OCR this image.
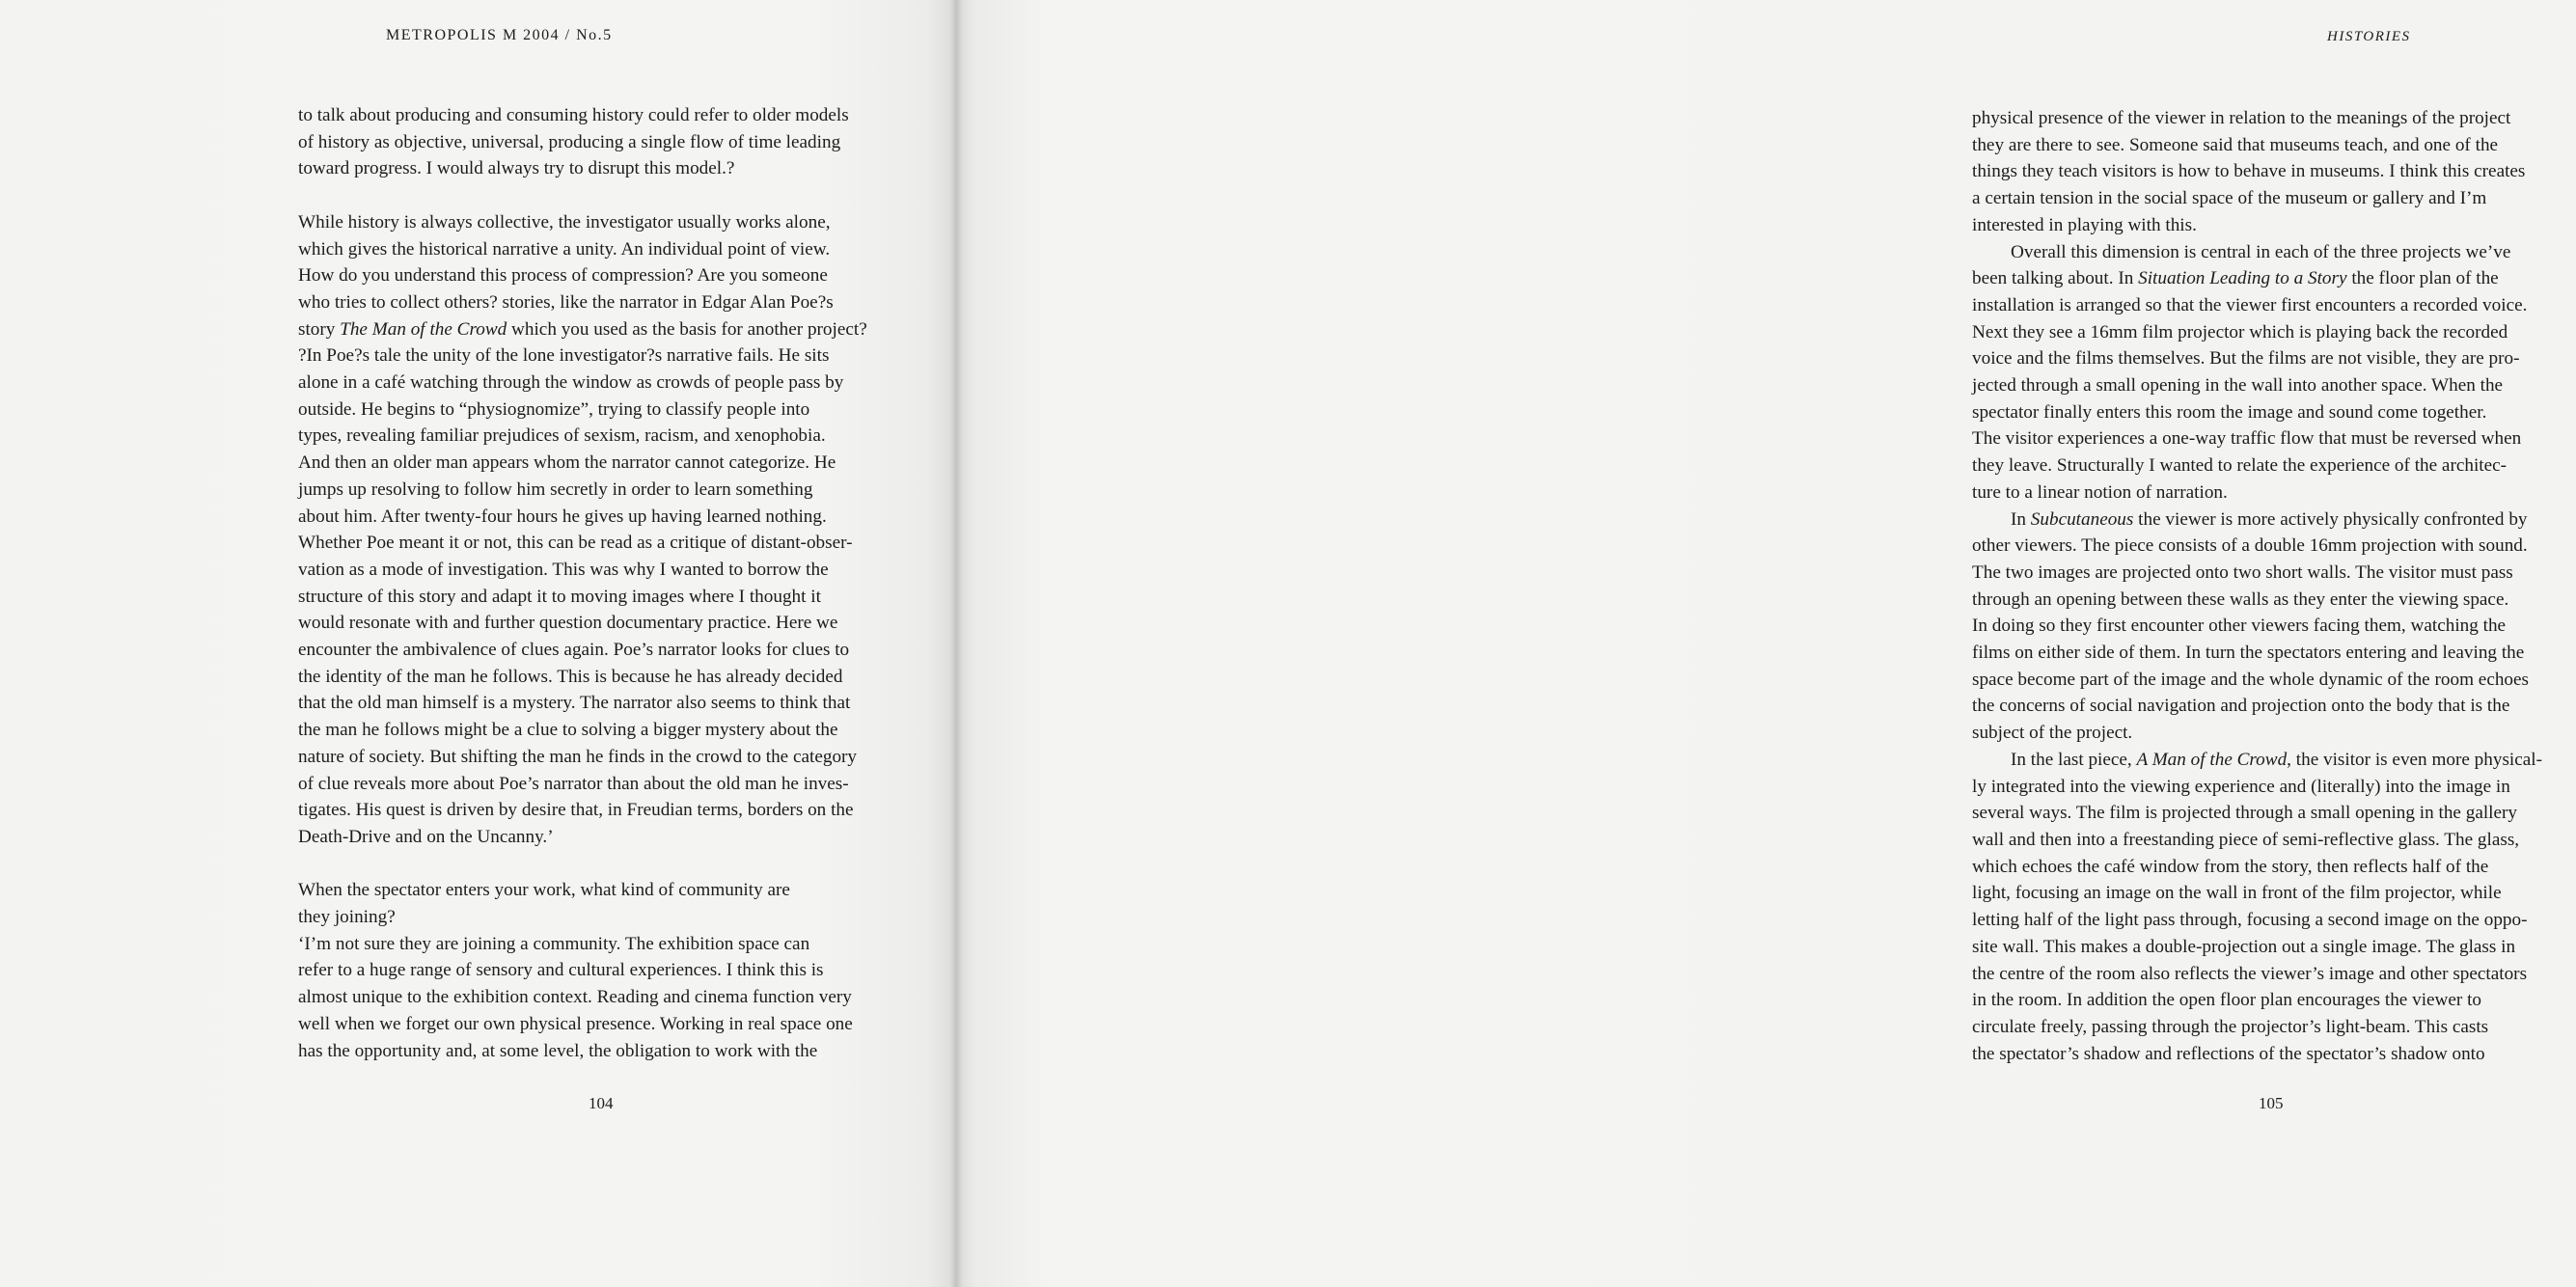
METROPOLIS M 2004 / No.5

to talk about producing and consuming history could refer to older models

of history as objective, universal, producing a single flow of time leading

toward progress. I would always try to disrupt this model.?

While history is always collective, the investigator usually works alone,

which gives the historical narrative a unity. An individual point of view.

How do you understand this process of compression? Are you someone

who tries to collect others? stories, like the narrator in Edgar Alan Poe?s

story The Man of the Crowd which you used as the basis for another project?

?In Poe?s tale the unity of the lone investigator?s narrative fails. He sits

alone in a café watching through the window as crowds of people pass by

outside. He begins to “physiognomize”, trying to classify people into

types, revealing familiar prejudices of sexism, racism, and xenophobia.

And then an older man appears whom the narrator cannot categorize. He

jumps up resolving to follow him secretly in order to learn something

about him. After twenty-four hours he gives up having learned nothing.

Whether Poe meant it or not, this can be read as a critique of distant-obser-

vation as a mode of investigation. This was why I wanted to borrow the

structure of this story and adapt it to moving images where I thought it

would resonate with and further question documentary practice. Here we

encounter the ambivalence of clues again. Poe’s narrator looks for clues to

the identity of the man he follows. This is because he has already decided

that the old man himself is a mystery. The narrator also seems to think that

the man he follows might be a clue to solving a bigger mystery about the

nature of society. But shifting the man he finds in the crowd to the category

of clue reveals more about Poe’s narrator than about the old man he inves-

tigates. His quest is driven by desire that, in Freudian terms, borders on the

Death-Drive and on the Uncanny.’

When the spectator enters your work, what kind of community are

they joining?

‘I’m not sure they are joining a community. The exhibition space can

refer to a huge range of sensory and cultural experiences. I think this is

almost unique to the exhibition context. Reading and cinema function very

well when we forget our own physical presence. Working in real space one

has the opportunity and, at some level, the obligation to work with the

104
HISTORIES

physical presence of the viewer in relation to the meanings of the project

they are there to see. Someone said that museums teach, and one of the

things they teach visitors is how to behave in museums. I think this creates

a certain tension in the social space of the museum or gallery and I’m

interested in playing with this.

Overall this dimension is central in each of the three projects we’ve

been talking about. In Situation Leading to a Story the floor plan of the

installation is arranged so that the viewer first encounters a recorded voice.

Next they see a 16mm film projector which is playing back the recorded

voice and the films themselves. But the films are not visible, they are pro-

jected through a small opening in the wall into another space. When the

spectator finally enters this room the image and sound come together.

The visitor experiences a one-way traffic flow that must be reversed when

they leave. Structurally I wanted to relate the experience of the architec-

ture to a linear notion of narration.

In Subcutaneous the viewer is more actively physically confronted by

other viewers. The piece consists of a double 16mm projection with sound.

The two images are projected onto two short walls. The visitor must pass

through an opening between these walls as they enter the viewing space.

In doing so they first encounter other viewers facing them, watching the

films on either side of them. In turn the spectators entering and leaving the

space become part of the image and the whole dynamic of the room echoes

the concerns of social navigation and projection onto the body that is the

subject of the project.

In the last piece, A Man of the Crowd, the visitor is even more physical-

ly integrated into the viewing experience and (literally) into the image in

several ways. The film is projected through a small opening in the gallery

wall and then into a freestanding piece of semi-reflective glass. The glass,

which echoes the café window from the story, then reflects half of the

light, focusing an image on the wall in front of the film projector, while

letting half of the light pass through, focusing a second image on the oppo-

site wall. This makes a double-projection out a single image. The glass in

the centre of the room also reflects the viewer’s image and other spectators

in the room. In addition the open floor plan encourages the viewer to

circulate freely, passing through the projector’s light-beam. This casts

the spectator’s shadow and reflections of the spectator’s shadow onto

105
